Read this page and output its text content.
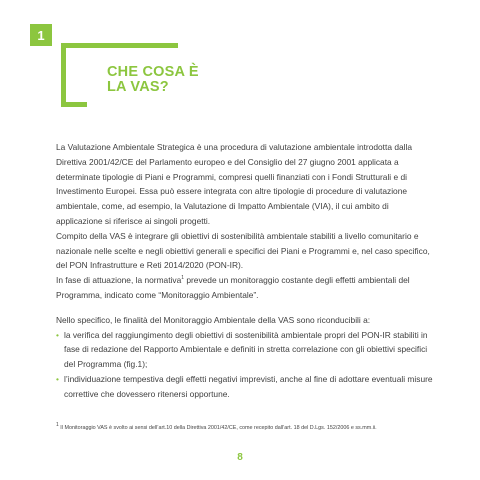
1
CHE COSA È
LA VAS?

La Valutazione Ambientale Strategica è una procedura di valutazione ambientale introdotta dalla Direttiva 2001/42/CE del Parlamento europeo e del Consiglio del 27 giugno 2001 applicata a determinate tipologie di Piani e Programmi, compresi quelli finanziati con i Fondi Strutturali e di Investimento Europei. Essa può essere integrata con altre tipologie di procedure di valutazione ambientale, come, ad esempio, la Valutazione di Impatto Ambientale (VIA), il cui ambito di applicazione si riferisce ai singoli progetti.

Compito della VAS è integrare gli obiettivi di sostenibilità ambientale stabiliti a livello comunitario e nazionale nelle scelte e negli obiettivi generali e specifici dei Piani e Programmi e, nel caso specifico, del PON Infrastrutture e Reti 2014/2020 (PON-IR).

In fase di attuazione, la normativa$^1$ prevede un monitoraggio costante degli effetti ambientali del Programma, indicato come “Monitoraggio Ambientale”.

Nello specifico, le finalità del Monitoraggio Ambientale della VAS sono riconducibili a:

• la verifica del raggiungimento degli obiettivi di sostenibilità ambientale propri del PON-IR stabiliti in fase di redazione del Rapporto Ambientale e definiti in stretta correlazione con gli obiettivi specifici del Programma (fig.1);
• l’individuazione tempestiva degli effetti negativi imprevisti, anche al fine di adottare eventuali misure correttive che dovessero ritenersi opportune.
$^1$ Il Monitoraggio VAS è svolto ai sensi dell’art.10 della Direttiva 2001/42/CE, come recepito dall’art. 18 del D.Lgs. 152/2006 e ss.mm.ii.
8
